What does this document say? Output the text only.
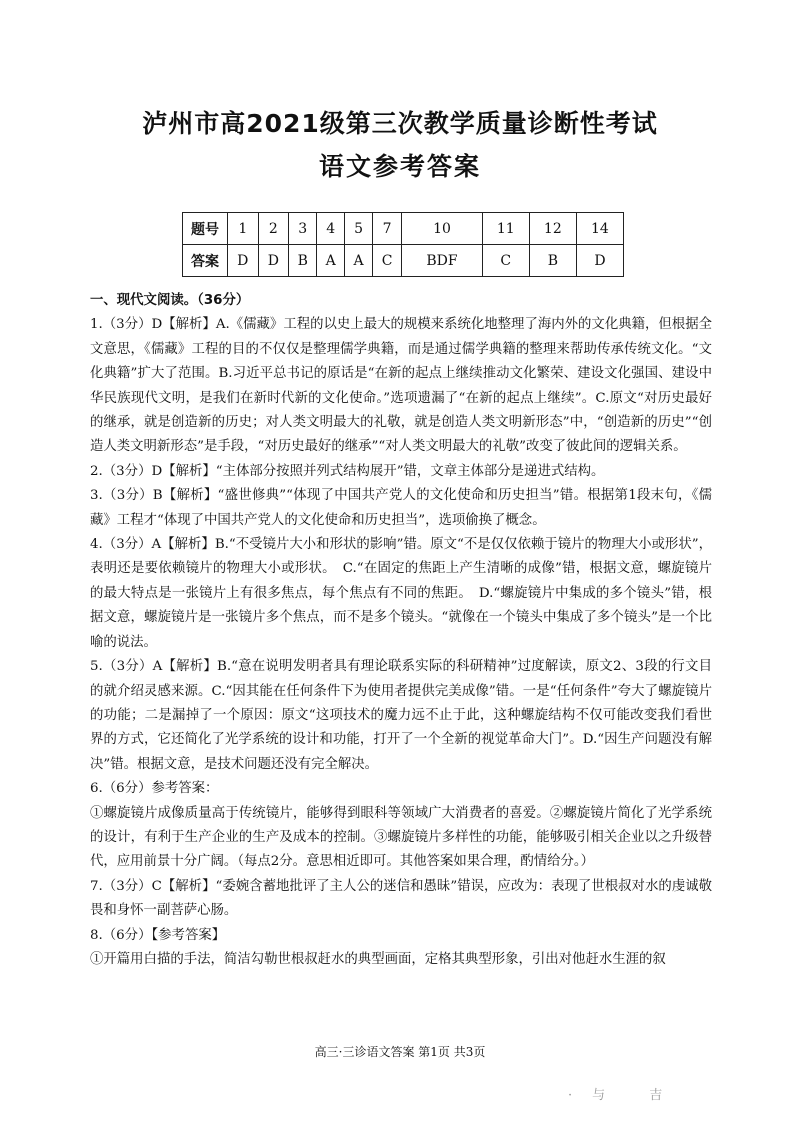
泸州市高2021级第三次教学质量诊断性考试
语文参考答案
题号	1	2	3	4	5	7	10	11	12	14
答案	D	D	B	A	A	C	BDF	C	B	D

一、现代文阅读。（36分）

1.（3分）D【解析】A.《儒藏》工程的以史上最大的规模来系统化地整理了海内外的文化典籍，但根据全文意思，《儒藏》工程的目的不仅仅是整理儒学典籍，而是通过儒学典籍的整理来帮助传承传统文化。“文化典籍”扩大了范围。B.习近平总书记的原话是“在新的起点上继续推动文化繁荣、建设文化强国、建设中华民族现代文明，是我们在新时代新的文化使命。”选项遗漏了“在新的起点上继续”。C.原文“对历史最好的继承，就是创造新的历史；对人类文明最大的礼敬，就是创造人类文明新形态”中，“创造新的历史”“创造人类文明新形态”是手段，“对历史最好的继承”“对人类文明最大的礼敬”改变了彼此间的逻辑关系。

2.（3分）D【解析】“主体部分按照并列式结构展开”错，文章主体部分是递进式结构。

3.（3分）B【解析】“盛世修典”“体现了中国共产党人的文化使命和历史担当”错。根据第1段末句，《儒藏》工程才“体现了中国共产党人的文化使命和历史担当”，选项偷换了概念。

4.（3分）A【解析】B.“不受镜片大小和形状的影响”错。原文“不是仅仅依赖于镜片的物理大小或形状”，表明还是要依赖镜片的物理大小或形状。　C.“在固定的焦距上产生清晰的成像”错，根据文意，螺旋镜片的最大特点是一张镜片上有很多焦点，每个焦点有不同的焦距。　D.“螺旋镜片中集成的多个镜头”错，根据文意，螺旋镜片是一张镜片多个焦点，而不是多个镜头。“就像在一个镜头中集成了多个镜头”是一个比喻的说法。

5.（3分）A【解析】B.“意在说明发明者具有理论联系实际的科研精神”过度解读，原文2、3段的行文目的就介绍灵感来源。C.“因其能在任何条件下为使用者提供完美成像”错。一是“任何条件”夸大了螺旋镜片的功能；二是漏掉了一个原因：原文“这项技术的魔力远不止于此，这种螺旋结构不仅可能改变我们看世界的方式，它还简化了光学系统的设计和功能，打开了一个全新的视觉革命大门”。D.“因生产问题没有解决”错。根据文意，是技术问题还没有完全解决。

6.（6分）参考答案：

①螺旋镜片成像质量高于传统镜片，能够得到眼科等领域广大消费者的喜爱。②螺旋镜片简化了光学系统的设计，有利于生产企业的生产及成本的控制。③螺旋镜片多样性的功能，能够吸引相关企业以之升级替代，应用前景十分广阔。（每点2分。意思相近即可。其他答案如果合理，酌情给分。）

7.（3分）C【解析】“委婉含蓄地批评了主人公的迷信和愚昧”错误，应改为：表现了世根叔对水的虔诚敬畏和身怀一副菩萨心肠。

8.（6分）【参考答案】

①开篇用白描的手法，简洁勾勒世根叔赶水的典型画面，定格其典型形象，引出对他赶水生涯的叙

高三·三诊语文答案 第1页 共3页
·与 吉
